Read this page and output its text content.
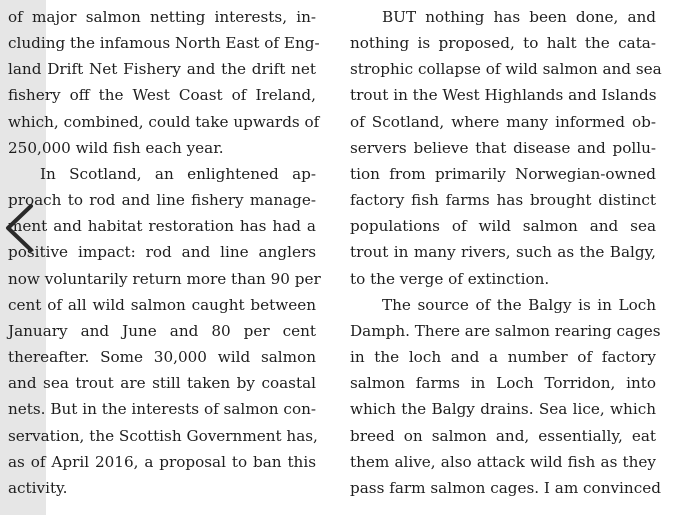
of major salmon netting interests, in-
cluding the infamous North East of Eng-
land Drift Net Fishery and the drift net
fishery off the West Coast of Ireland,
which, combined, could take upwards of
250,000 wild fish each year.
In Scotland, an enlightened ap-
proach to rod and line fishery manage-
ment and habitat restoration has had a
positive impact: rod and line anglers
now voluntarily return more than 90 per
cent of all wild salmon caught between
January and June and 80 per cent
thereafter. Some 30,000 wild salmon
and sea trout are still taken by coastal
nets. But in the interests of salmon con-
servation, the Scottish Government has,
as of April 2016, a proposal to ban this
activity.
BUT nothing has been done, and
nothing is proposed, to halt the cata-
strophic collapse of wild salmon and sea
trout in the West Highlands and Islands
of Scotland, where many informed ob-
servers believe that disease and pollu-
tion from primarily Norwegian-owned
factory fish farms has brought distinct
populations of wild salmon and sea
trout in many rivers, such as the Balgy,
to the verge of extinction.
The source of the Balgy is in Loch
Damph. There are salmon rearing cages
in the loch and a number of factory
salmon farms in Loch Torridon, into
which the Balgy drains. Sea lice, which
breed on salmon and, essentially, eat
them alive, also attack wild fish as they
pass farm salmon cages. I am convinced
